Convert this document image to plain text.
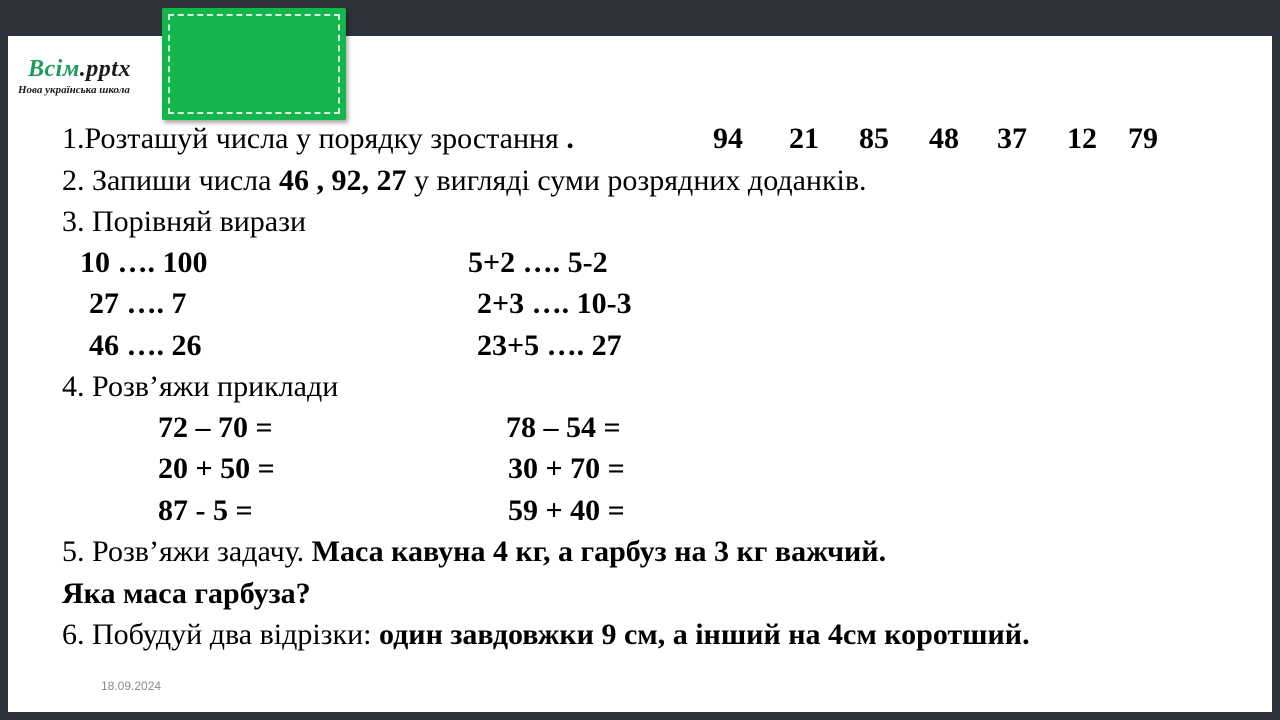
Всім.pptx
Нова українська школа
1.Розташуй числа у порядку зростання .	94 21 85 48 37 12 79
2. Запиши числа 46 , 92, 27 у вигляді суми розрядних доданків.
3. Порівняй вирази
10 …. 100	5+2 …. 5-2
27 …. 7	2+3 …. 10-3
46 …. 26	23+5 …. 27
4. Розв’яжи приклади
72 – 70 =	78 – 54 =
20 + 50 =	30 + 70 =
87 - 5 =	59 + 40 =
5. Розв’яжи задачу. Маса кавуна 4 кг, а гарбуз на 3 кг важчий.
Яка маса гарбуза?
6. Побудуй два відрізки: один завдовжки 9 см, а інший на 4см коротший.
18.09.2024
